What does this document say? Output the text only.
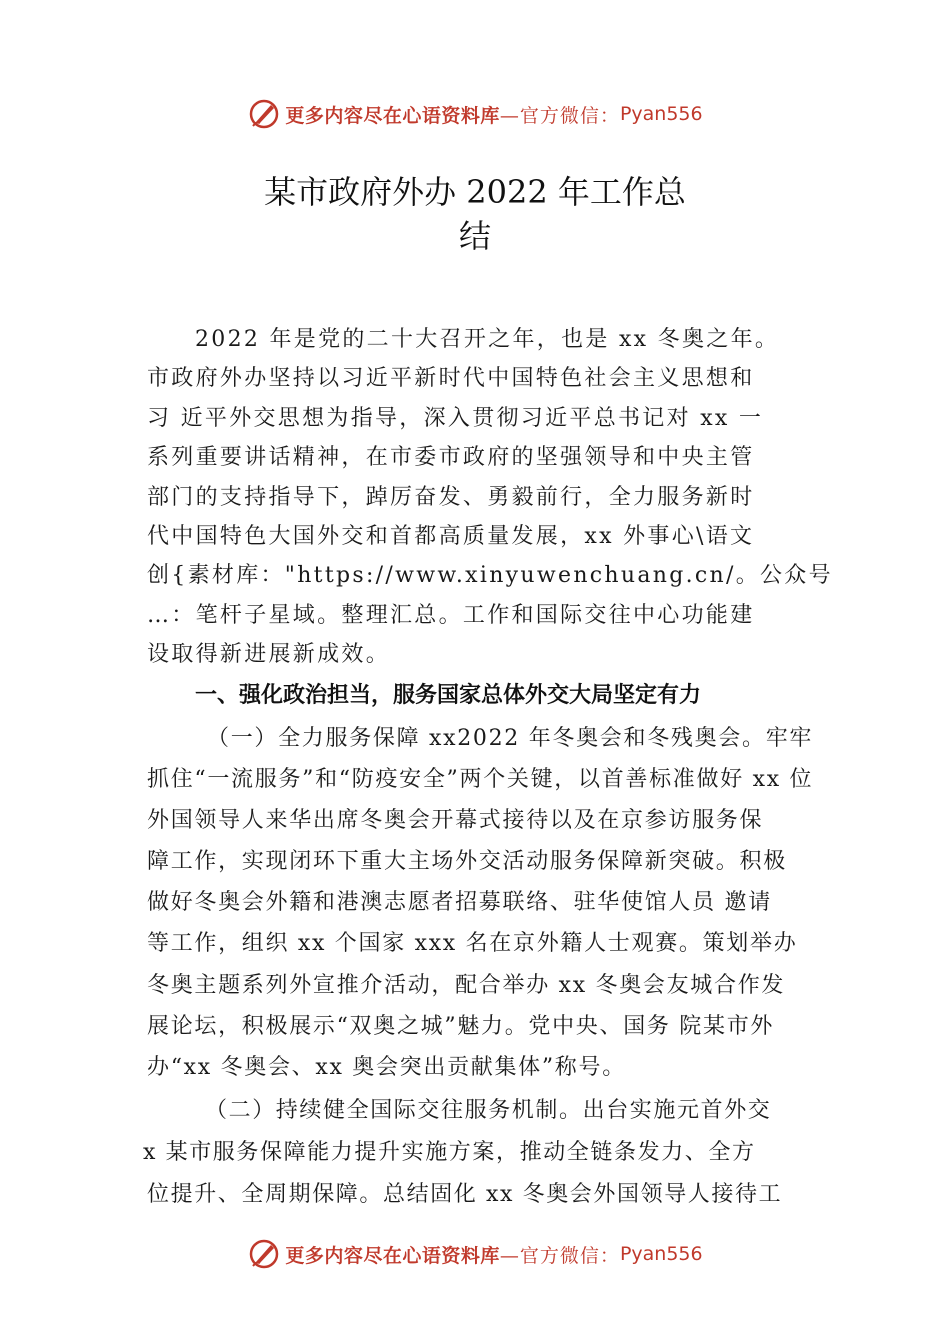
更多内容尽在心语资料库 —官方微信： Pyan556
某市政府外办 2022 年工作总
结
2022 年是党的二十大召开之年，也是 xx 冬奥之年。
市政府外办坚持以习近平新时代中国特色社会主义思想和
习 近平外交思想为指导，深入贯彻习近平总书记对 xx 一
系列重要讲话精神，在市委市政府的坚强领导和中央主管
部门的支持指导下，踔厉奋发、勇毅前行，全力服务新时
代中国特色大国外交和首都高质量发展，xx 外事心\语文
创{素材库："https://www.xinyuwenchuang.cn/。公众号
…：笔杆子星域。整理汇总。工作和国际交往中心功能建
设取得新进展新成效。
一、强化政治担当，服务国家总体外交大局坚定有力
（一）全力服务保障 xx2022 年冬奥会和冬残奥会。牢牢
抓住“一流服务”和“防疫安全”两个关键，以首善标准做好 xx 位
外国领导人来华出席冬奥会开幕式接待以及在京参访服务保
障工作，实现闭环下重大主场外交活动服务保障新突破。积极
做好冬奥会外籍和港澳志愿者招募联络、驻华使馆人员 邀请
等工作，组织 xx 个国家 xxx 名在京外籍人士观赛。策划举办
冬奥主题系列外宣推介活动，配合举办 xx 冬奥会友城合作发
展论坛，积极展示“双奥之城”魅力。党中央、国务 院某市外
办“xx 冬奥会、xx 奥会突出贡献集体”称号。
（二）持续健全国际交往服务机制。出台实施元首外交
x 某市服务保障能力提升实施方案，推动全链条发力、全方
位提升、全周期保障。总结固化 xx 冬奥会外国领导人接待工
更多内容尽在心语资料库 —官方微信： Pyan556
